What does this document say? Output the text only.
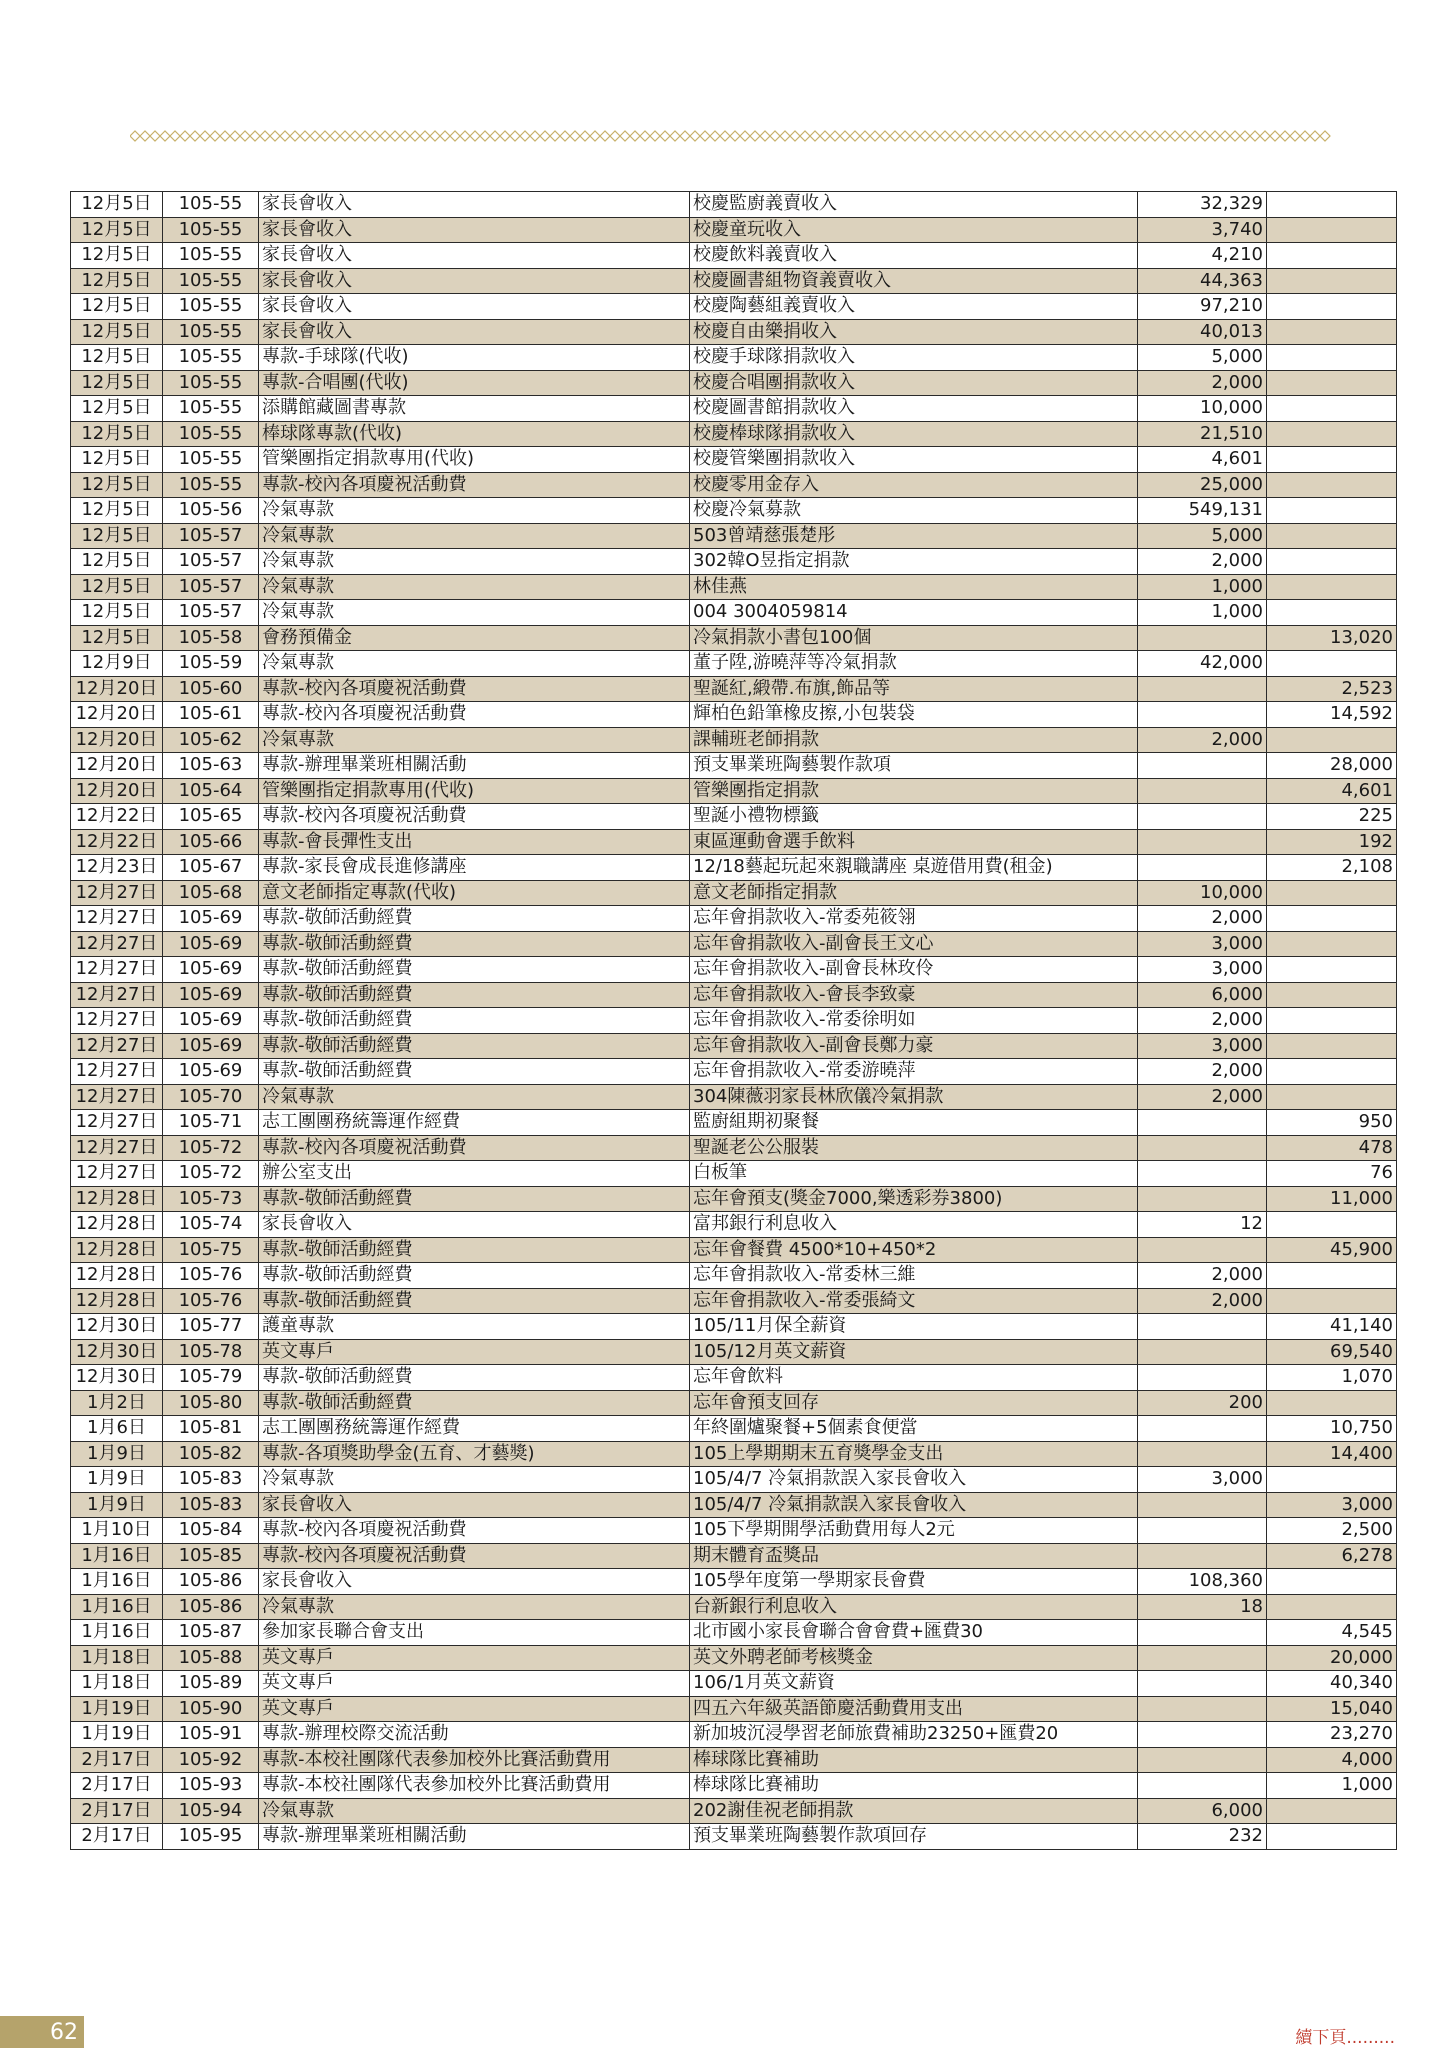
12月5日	105-55	家長會收入	校慶監廚義賣收入	32,329	
12月5日	105-55	家長會收入	校慶童玩收入	3,740	
12月5日	105-55	家長會收入	校慶飲料義賣收入	4,210	
12月5日	105-55	家長會收入	校慶圖書組物資義賣收入	44,363	
12月5日	105-55	家長會收入	校慶陶藝組義賣收入	97,210	
12月5日	105-55	家長會收入	校慶自由樂捐收入	40,013	
12月5日	105-55	專款-手球隊(代收)	校慶手球隊捐款收入	5,000	
12月5日	105-55	專款-合唱團(代收)	校慶合唱團捐款收入	2,000	
12月5日	105-55	添購館藏圖書專款	校慶圖書館捐款收入	10,000	
12月5日	105-55	棒球隊專款(代收)	校慶棒球隊捐款收入	21,510	
12月5日	105-55	管樂團指定捐款專用(代收)	校慶管樂團捐款收入	4,601	
12月5日	105-55	專款-校內各項慶祝活動費	校慶零用金存入	25,000	
12月5日	105-56	冷氣專款	校慶冷氣募款	549,131	
12月5日	105-57	冷氣專款	503曾靖慈張楚彤	5,000	
12月5日	105-57	冷氣專款	302韓O昱指定捐款	2,000	
12月5日	105-57	冷氣專款	林佳燕	1,000	
12月5日	105-57	冷氣專款	004 3004059814	1,000	
12月5日	105-58	會務預備金	冷氣捐款小書包100個		13,020
12月9日	105-59	冷氣專款	董子陞,游曉萍等冷氣捐款	42,000	
12月20日	105-60	專款-校內各項慶祝活動費	聖誕紅,緞帶.布旗,飾品等		2,523
12月20日	105-61	專款-校內各項慶祝活動費	輝柏色鉛筆橡皮擦,小包裝袋		14,592
12月20日	105-62	冷氣專款	課輔班老師捐款	2,000	
12月20日	105-63	專款-辦理畢業班相關活動	預支畢業班陶藝製作款項		28,000
12月20日	105-64	管樂團指定捐款專用(代收)	管樂團指定捐款		4,601
12月22日	105-65	專款-校內各項慶祝活動費	聖誕小禮物標籤		225
12月22日	105-66	專款-會長彈性支出	東區運動會選手飲料		192
12月23日	105-67	專款-家長會成長進修講座	12/18藝起玩起來親職講座 桌遊借用費(租金)		2,108
12月27日	105-68	意文老師指定專款(代收)	意文老師指定捐款	10,000	
12月27日	105-69	專款-敬師活動經費	忘年會捐款收入-常委苑筱翎	2,000	
12月27日	105-69	專款-敬師活動經費	忘年會捐款收入-副會長王文心	3,000	
12月27日	105-69	專款-敬師活動經費	忘年會捐款收入-副會長林玫伶	3,000	
12月27日	105-69	專款-敬師活動經費	忘年會捐款收入-會長李致豪	6,000	
12月27日	105-69	專款-敬師活動經費	忘年會捐款收入-常委徐明如	2,000	
12月27日	105-69	專款-敬師活動經費	忘年會捐款收入-副會長鄭力豪	3,000	
12月27日	105-69	專款-敬師活動經費	忘年會捐款收入-常委游曉萍	2,000	
12月27日	105-70	冷氣專款	304陳薇羽家長林欣儀冷氣捐款	2,000	
12月27日	105-71	志工團團務統籌運作經費	監廚組期初聚餐		950
12月27日	105-72	專款-校內各項慶祝活動費	聖誕老公公服裝		478
12月27日	105-72	辦公室支出	白板筆		76
12月28日	105-73	專款-敬師活動經費	忘年會預支(獎金7000,樂透彩券3800)		11,000
12月28日	105-74	家長會收入	富邦銀行利息收入	12	
12月28日	105-75	專款-敬師活動經費	忘年會餐費 4500*10+450*2		45,900
12月28日	105-76	專款-敬師活動經費	忘年會捐款收入-常委林三維	2,000	
12月28日	105-76	專款-敬師活動經費	忘年會捐款收入-常委張綺文	2,000	
12月30日	105-77	護童專款	105/11月保全薪資		41,140
12月30日	105-78	英文專戶	105/12月英文薪資		69,540
12月30日	105-79	專款-敬師活動經費	忘年會飲料		1,070
1月2日	105-80	專款-敬師活動經費	忘年會預支回存	200	
1月6日	105-81	志工團團務統籌運作經費	年終圍爐聚餐+5個素食便當		10,750
1月9日	105-82	專款-各項獎助學金(五育、才藝獎)	105上學期期末五育獎學金支出		14,400
1月9日	105-83	冷氣專款	105/4/7 冷氣捐款誤入家長會收入	3,000	
1月9日	105-83	家長會收入	105/4/7 冷氣捐款誤入家長會收入		3,000
1月10日	105-84	專款-校內各項慶祝活動費	105下學期開學活動費用每人2元		2,500
1月16日	105-85	專款-校內各項慶祝活動費	期末體育盃獎品		6,278
1月16日	105-86	家長會收入	105學年度第一學期家長會費	108,360	
1月16日	105-86	冷氣專款	台新銀行利息收入	18	
1月16日	105-87	參加家長聯合會支出	北市國小家長會聯合會會費+匯費30		4,545
1月18日	105-88	英文專戶	英文外聘老師考核獎金		20,000
1月18日	105-89	英文專戶	106/1月英文薪資		40,340
1月19日	105-90	英文專戶	四五六年級英語節慶活動費用支出		15,040
1月19日	105-91	專款-辦理校際交流活動	新加坡沉浸學習老師旅費補助23250+匯費20		23,270
2月17日	105-92	專款-本校社團隊代表參加校外比賽活動費用	棒球隊比賽補助		4,000
2月17日	105-93	專款-本校社團隊代表參加校外比賽活動費用	棒球隊比賽補助		1,000
2月17日	105-94	冷氣專款	202謝佳祝老師捐款	6,000	
2月17日	105-95	專款-辦理畢業班相關活動	預支畢業班陶藝製作款項回存	232	
續下頁.........
62
